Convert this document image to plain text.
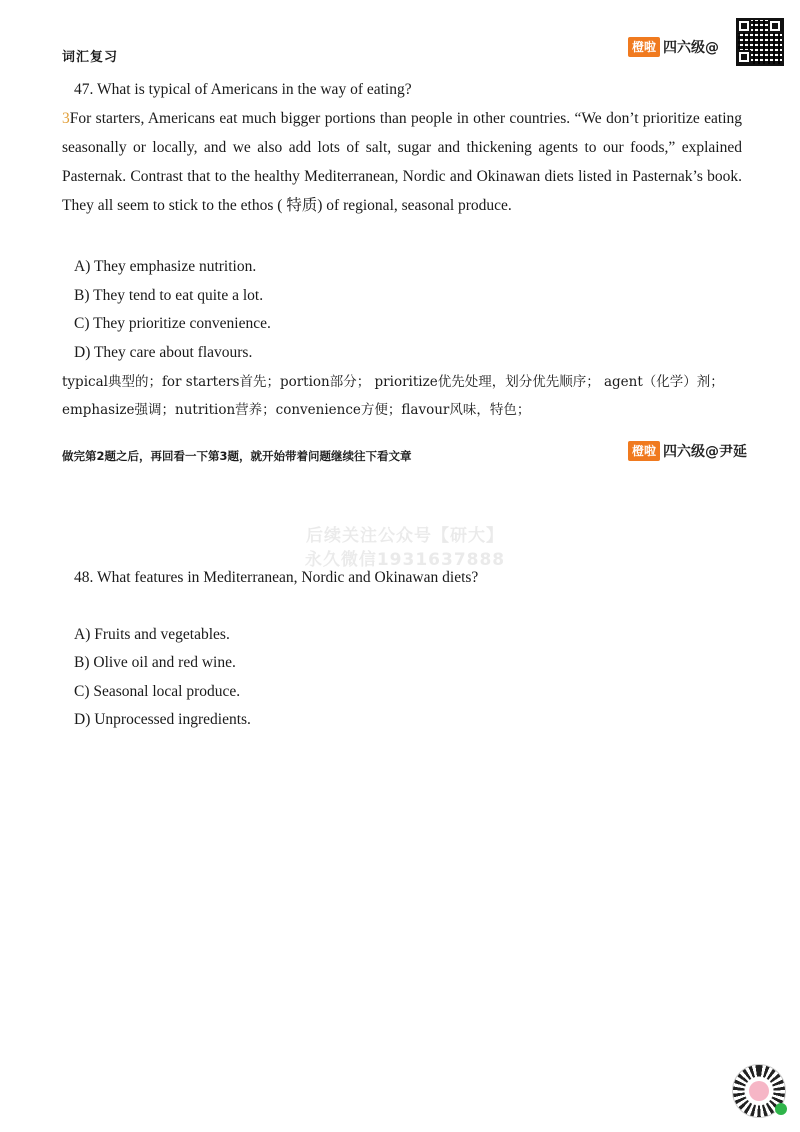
词汇复习
橙啦 四六级@
47. What is typical of Americans in the way of eating?
3For starters, Americans eat much bigger portions than people in other countries. “We don’t prioritize eating seasonally or locally, and we also add lots of salt, sugar and thickening agents to our foods,” explained Pasternak. Contrast that to the healthy Mediterranean, Nordic and Okinawan diets listed in Pasternak’s book. They all seem to stick to the ethos ( 特质) of regional, seasonal produce.
A) They emphasize nutrition.
B) They tend to eat quite a lot.
C) They prioritize convenience.
D) They care about flavours.
typical典型的；for starters首先；portion部分； prioritize优先处理，划分优先顺序； agent（化学）剂；emphasize强调；nutrition营养；convenience方便；flavour风味，特色；
做完第2题之后，再回看一下第3题，就开始带着问题继续往下看文章	橙啦 四六级@尹延
后续关注公众号【研大】
永久微信1931637888
48. What features in Mediterranean, Nordic and Okinawan diets?
A) Fruits and vegetables.
B) Olive oil and red wine.
C) Seasonal local produce.
D) Unprocessed ingredients.
